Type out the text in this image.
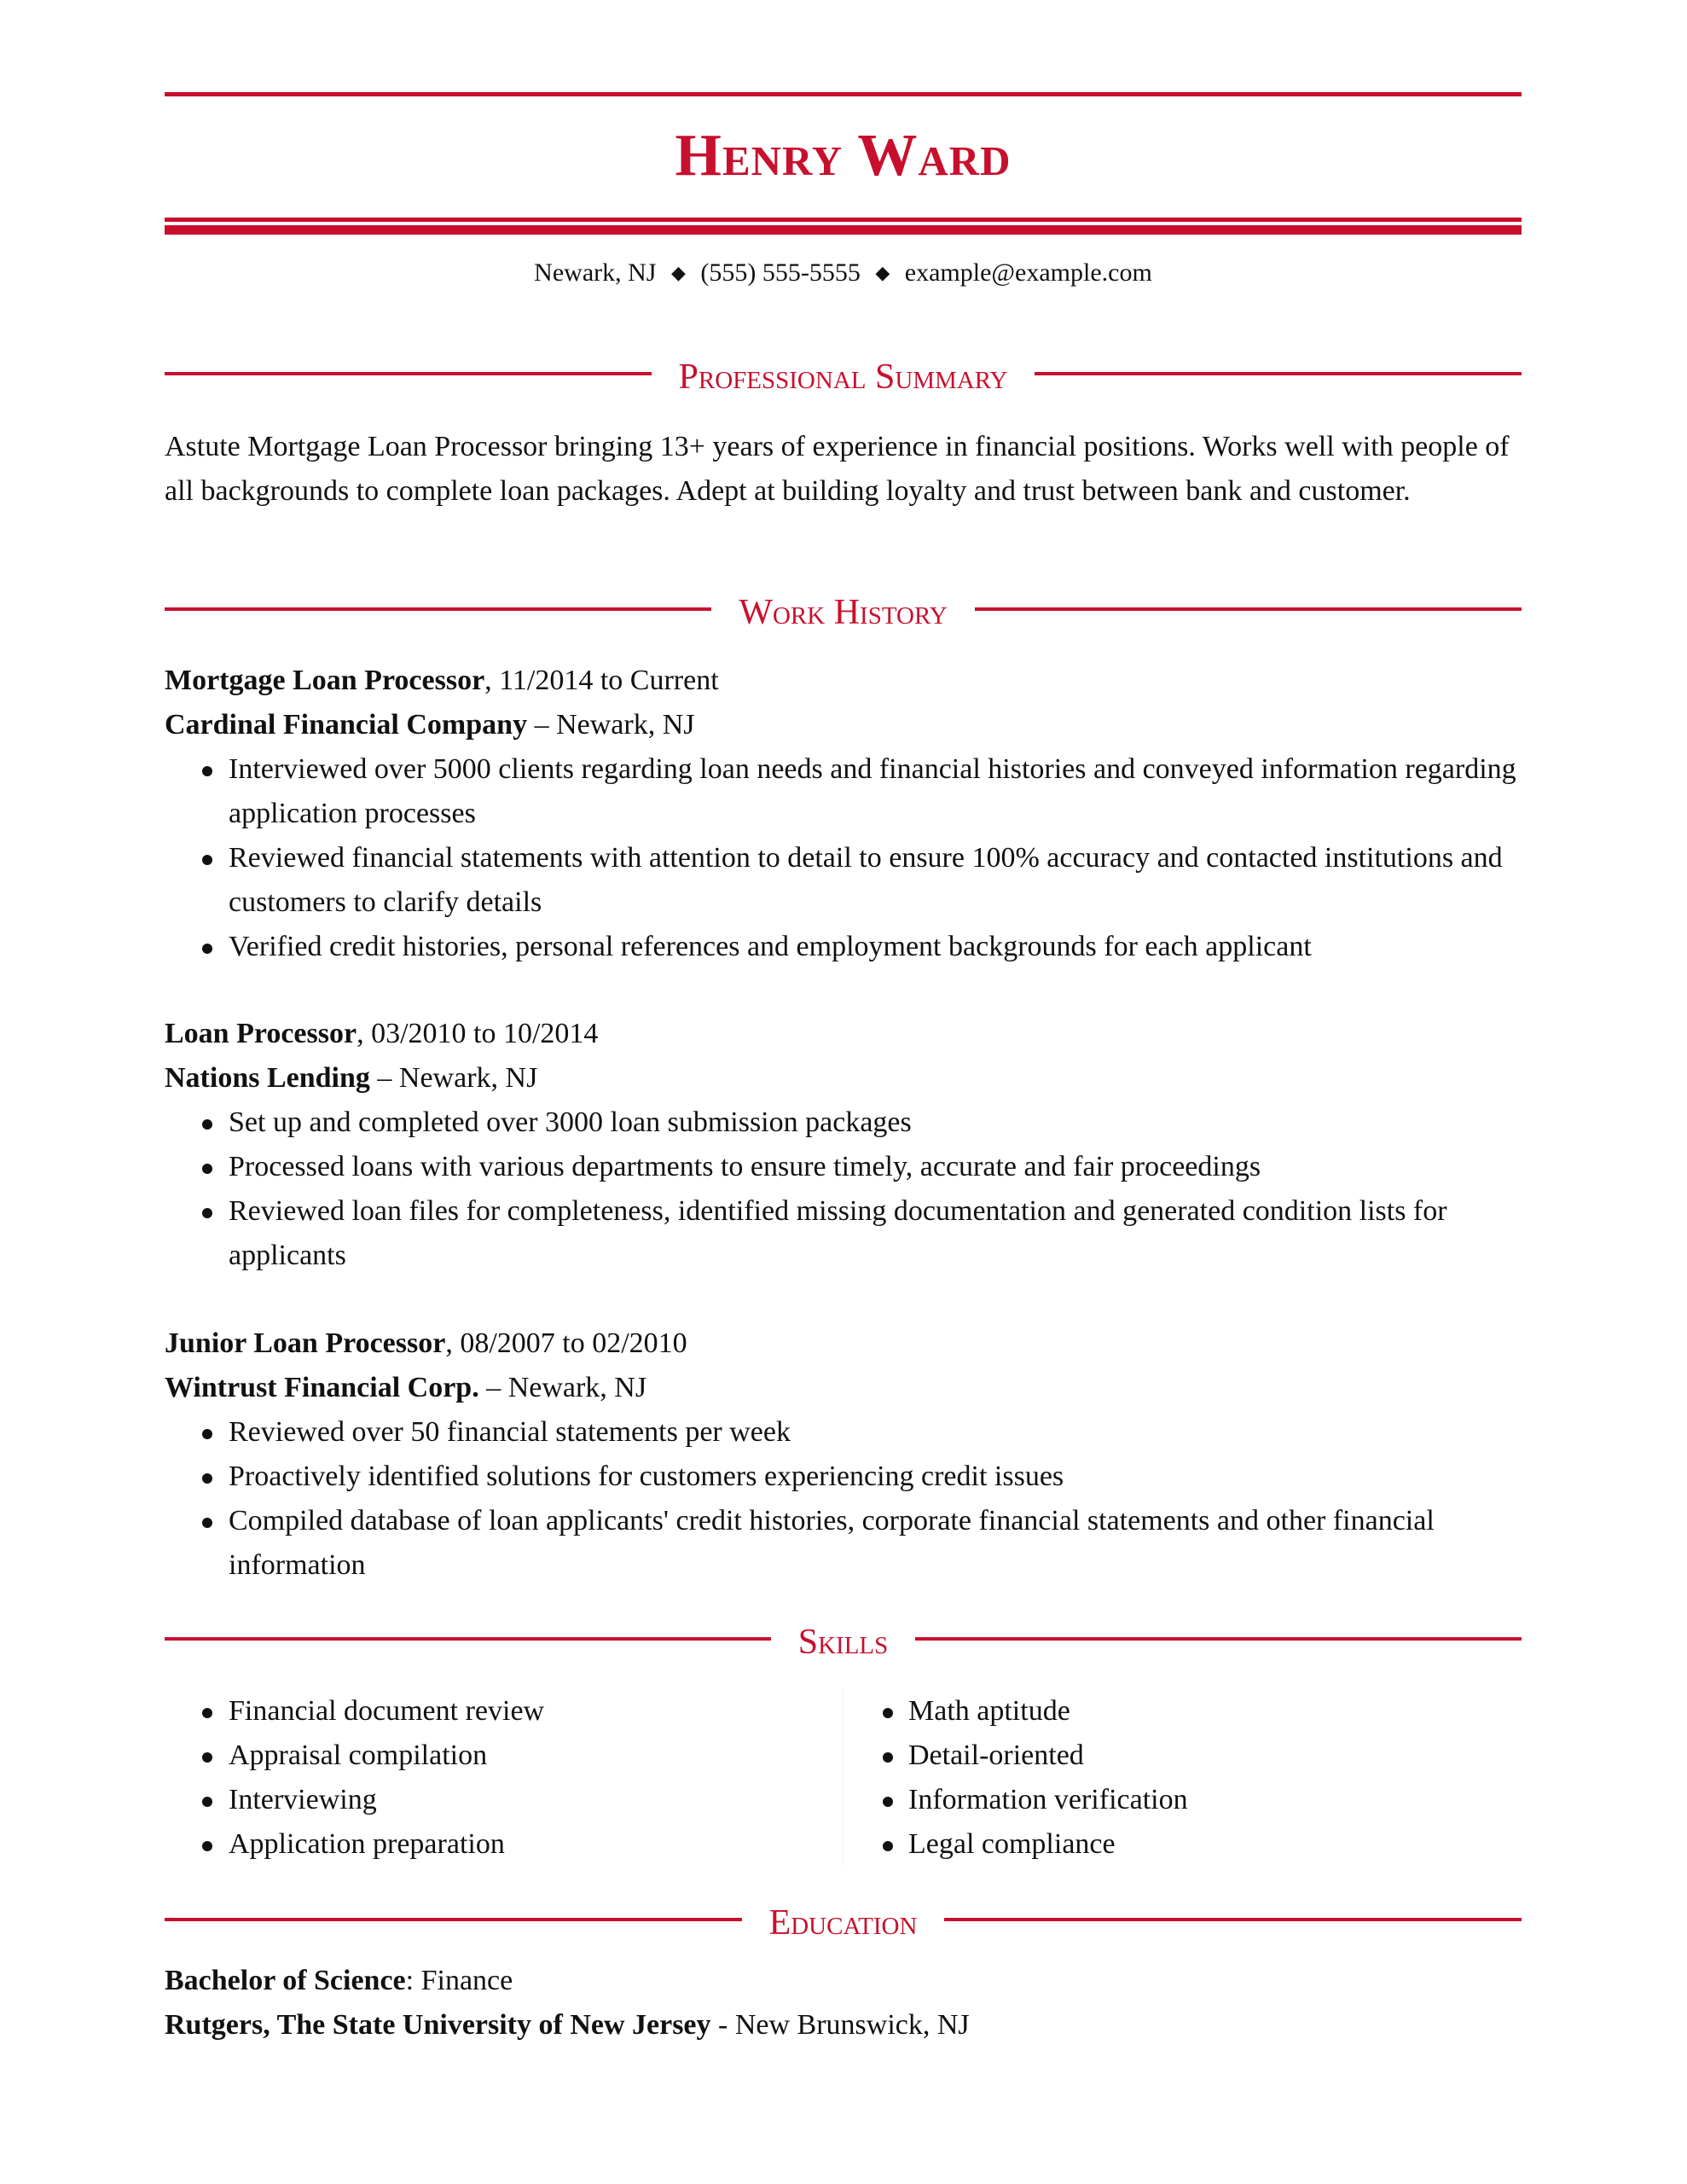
Henry Ward
Newark, NJ ◆ (555) 555-5555 ◆ example@example.com
Professional Summary
Astute Mortgage Loan Processor bringing 13+ years of experience in financial positions. Works well with people of all backgrounds to complete loan packages. Adept at building loyalty and trust between bank and customer.
Work History
Mortgage Loan Processor, 11/2014 to Current
Cardinal Financial Company – Newark, NJ
Interviewed over 5000 clients regarding loan needs and financial histories and conveyed information regarding application processes
Reviewed financial statements with attention to detail to ensure 100% accuracy and contacted institutions and customers to clarify details
Verified credit histories, personal references and employment backgrounds for each applicant
Loan Processor, 03/2010 to 10/2014
Nations Lending – Newark, NJ
Set up and completed over 3000 loan submission packages
Processed loans with various departments to ensure timely, accurate and fair proceedings
Reviewed loan files for completeness, identified missing documentation and generated condition lists for applicants
Junior Loan Processor, 08/2007 to 02/2010
Wintrust Financial Corp. – Newark, NJ
Reviewed over 50 financial statements per week
Proactively identified solutions for customers experiencing credit issues
Compiled database of loan applicants' credit histories, corporate financial statements and other financial information
Skills
Financial document review
Appraisal compilation
Interviewing
Application preparation
Math aptitude
Detail-oriented
Information verification
Legal compliance
Education
Bachelor of Science: Finance
Rutgers, The State University of New Jersey - New Brunswick, NJ
